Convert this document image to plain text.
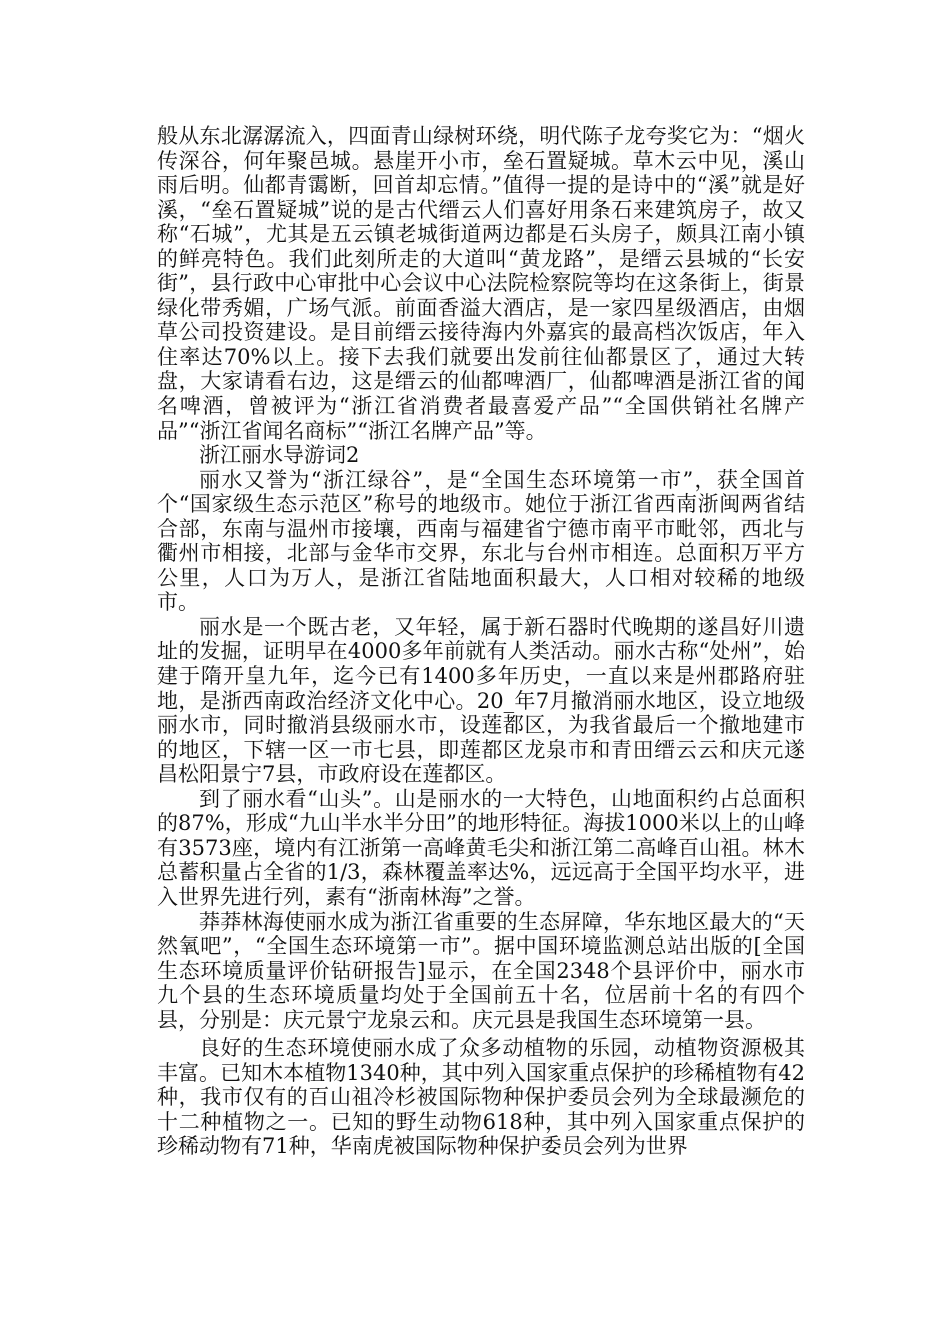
般从东北潺潺流入，四面青山绿树环绕，明代陈子龙夸奖它为：“烟火传深谷，何年聚邑城。悬崖开小市，垒石置疑城。草木云中见，溪山雨后明。仙都青霭断，回首却忘情。”值得一提的是诗中的“溪”就是好溪，“垒石置疑城”说的是古代缙云人们喜好用条石来建筑房子，故又称“石城”，尤其是五云镇老城街道两边都是石头房子，颇具江南小镇的鲜亮特色。我们此刻所走的大道叫“黄龙路”，是缙云县城的“长安街”，县行政中心审批中心会议中心法院检察院等均在这条街上，街景绿化带秀媚，广场气派。前面香溢大酒店，是一家四星级酒店，由烟草公司投资建设。是目前缙云接待海内外嘉宾的最高档次饭店，年入住率达70%以上。接下去我们就要出发前往仙都景区了，通过大转盘，大家请看右边，这是缙云的仙都啤酒厂，仙都啤酒是浙江省的闻名啤酒，曾被评为“浙江省消费者最喜爱产品”“全国供销社名牌产品”“浙江省闻名商标”“浙江名牌产品”等。

浙江丽水导游词2

丽水又誉为“浙江绿谷”，是“全国生态环境第一市”，获全国首个“国家级生态示范区”称号的地级市。她位于浙江省西南浙闽两省结合部，东南与温州市接壤，西南与福建省宁德市南平市毗邻，西北与衢州市相接，北部与金华市交界，东北与台州市相连。总面积万平方公里，人口为万人，是浙江省陆地面积最大，人口相对较稀的地级市。

丽水是一个既古老，又年轻，属于新石器时代晚期的遂昌好川遗址的发掘，证明早在4000多年前就有人类活动。丽水古称“处州”，始建于隋开皇九年，迄今已有1400多年历史，一直以来是州郡路府驻地，是浙西南政治经济文化中心。20_年7月撤消丽水地区，设立地级丽水市，同时撤消县级丽水市，设莲都区，为我省最后一个撤地建市的地区，下辖一区一市七县，即莲都区龙泉市和青田缙云云和庆元遂昌松阳景宁7县，市政府设在莲都区。

到了丽水看“山头”。山是丽水的一大特色，山地面积约占总面积的87%，形成“九山半水半分田”的地形特征。海拔1000米以上的山峰有3573座，境内有江浙第一高峰黄毛尖和浙江第二高峰百山祖。林木总蓄积量占全省的1/3，森林覆盖率达%，远远高于全国平均水平，进入世界先进行列，素有“浙南林海”之誉。

莽莽林海使丽水成为浙江省重要的生态屏障，华东地区最大的“天然氧吧”，“全国生态环境第一市”。据中国环境监测总站出版的[全国生态环境质量评价钻研报告]显示，在全国2348个县评价中，丽水市九个县的生态环境质量均处于全国前五十名，位居前十名的有四个县，分别是：庆元景宁龙泉云和。庆元县是我国生态环境第一县。

良好的生态环境使丽水成了众多动植物的乐园，动植物资源极其丰富。已知木本植物1340种，其中列入国家重点保护的珍稀植物有42种，我市仅有的百山祖冷杉被国际物种保护委员会列为全球最濒危的十二种植物之一。已知的野生动物618种，其中列入国家重点保护的珍稀动物有71种，华南虎被国际物种保护委员会列为世界
